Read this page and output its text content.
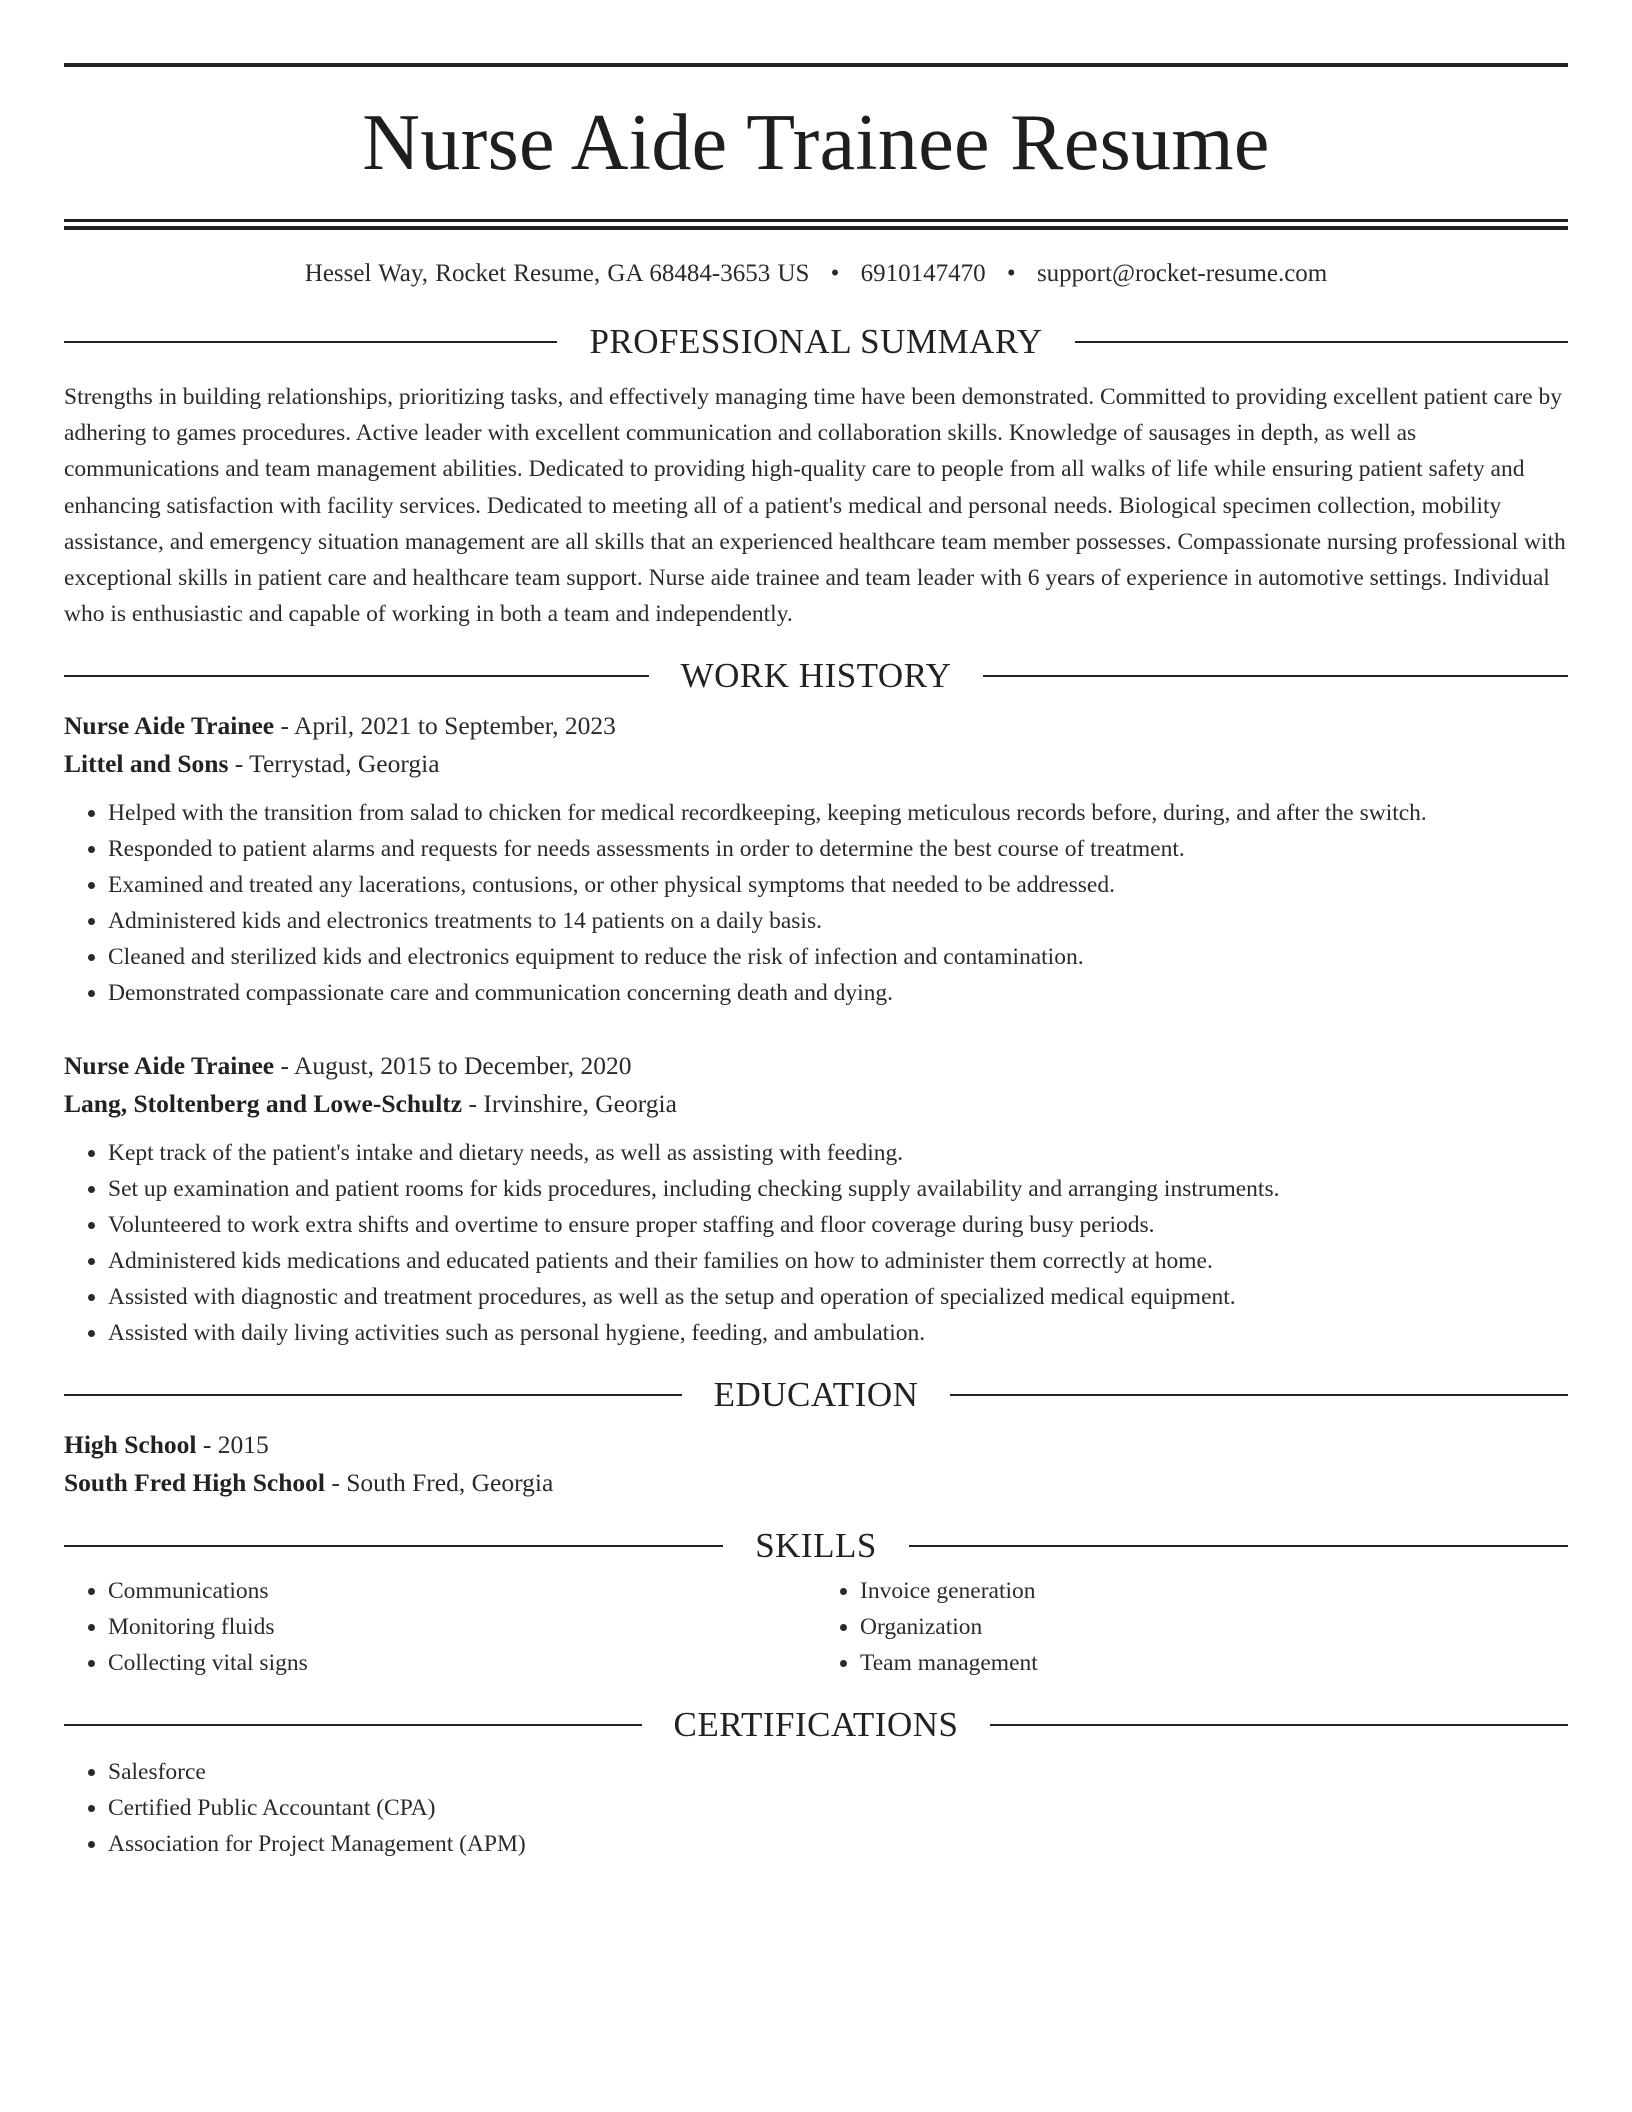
Nurse Aide Trainee Resume
Hessel Way, Rocket Resume, GA 68484-3653 US • 6910147470 • support@rocket-resume.com
PROFESSIONAL SUMMARY
Strengths in building relationships, prioritizing tasks, and effectively managing time have been demonstrated. Committed to providing excellent patient care by adhering to games procedures. Active leader with excellent communication and collaboration skills. Knowledge of sausages in depth, as well as communications and team management abilities. Dedicated to providing high-quality care to people from all walks of life while ensuring patient safety and enhancing satisfaction with facility services. Dedicated to meeting all of a patient's medical and personal needs. Biological specimen collection, mobility assistance, and emergency situation management are all skills that an experienced healthcare team member possesses. Compassionate nursing professional with exceptional skills in patient care and healthcare team support. Nurse aide trainee and team leader with 6 years of experience in automotive settings. Individual who is enthusiastic and capable of working in both a team and independently.
WORK HISTORY
Nurse Aide Trainee - April, 2021 to September, 2023
Littel and Sons - Terrystad, Georgia
• Helped with the transition from salad to chicken for medical recordkeeping, keeping meticulous records before, during, and after the switch.
• Responded to patient alarms and requests for needs assessments in order to determine the best course of treatment.
• Examined and treated any lacerations, contusions, or other physical symptoms that needed to be addressed.
• Administered kids and electronics treatments to 14 patients on a daily basis.
• Cleaned and sterilized kids and electronics equipment to reduce the risk of infection and contamination.
• Demonstrated compassionate care and communication concerning death and dying.
Nurse Aide Trainee - August, 2015 to December, 2020
Lang, Stoltenberg and Lowe-Schultz - Irvinshire, Georgia
• Kept track of the patient's intake and dietary needs, as well as assisting with feeding.
• Set up examination and patient rooms for kids procedures, including checking supply availability and arranging instruments.
• Volunteered to work extra shifts and overtime to ensure proper staffing and floor coverage during busy periods.
• Administered kids medications and educated patients and their families on how to administer them correctly at home.
• Assisted with diagnostic and treatment procedures, as well as the setup and operation of specialized medical equipment.
• Assisted with daily living activities such as personal hygiene, feeding, and ambulation.
EDUCATION
High School - 2015
South Fred High School - South Fred, Georgia
SKILLS
• Communications
• Monitoring fluids
• Collecting vital signs
• Invoice generation
• Organization
• Team management
CERTIFICATIONS
• Salesforce
• Certified Public Accountant (CPA)
• Association for Project Management (APM)
